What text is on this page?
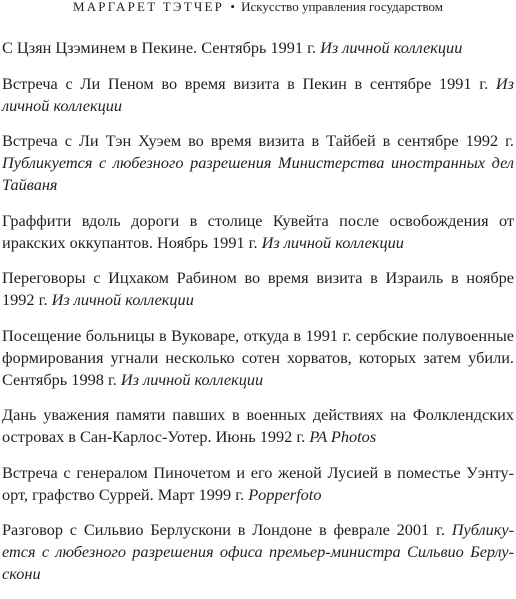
МАРГАРЕТ ТЭТЧЕР • Искусство управления государством

С Цзян Цзэминем в Пекине. Сентябрь 1991 г. Из личной коллекции

Встреча с Ли Пеном во время визита в Пекин в сентябре 1991 г. Из личной коллекции

Встреча с Ли Тэн Хуэем во время визита в Тайбей в сентябре 1992 г. Публикуется с любезного разрешения Министерства иностранных дел Тайваня

Граффити вдоль дороги в столице Кувейта после освобождения от иракских оккупантов. Ноябрь 1991 г. Из личной коллекции

Переговоры с Ицхаком Рабином во время визита в Израиль в ноябре 1992 г. Из личной коллекции

Посещение больницы в Вуковаре, откуда в 1991 г. сербские полувоенные формирования угнали несколько сотен хорватов, которых затем убили. Сентябрь 1998 г. Из личной коллекции

Дань уважения памяти павших в военных действиях на Фолклендских островах в Сан-Карлос-Уотер. Июнь 1992 г. PA Photos

Встреча с генералом Пиночетом и его женой Лусией в поместье Уэнтуорт, графство Суррей. Март 1999 г. Popperfoto

Разговор с Сильвио Берлускони в Лондоне в феврале 2001 г. Публикуется с любезного разрешения офиса премьер-министра Сильвио Берлускони
